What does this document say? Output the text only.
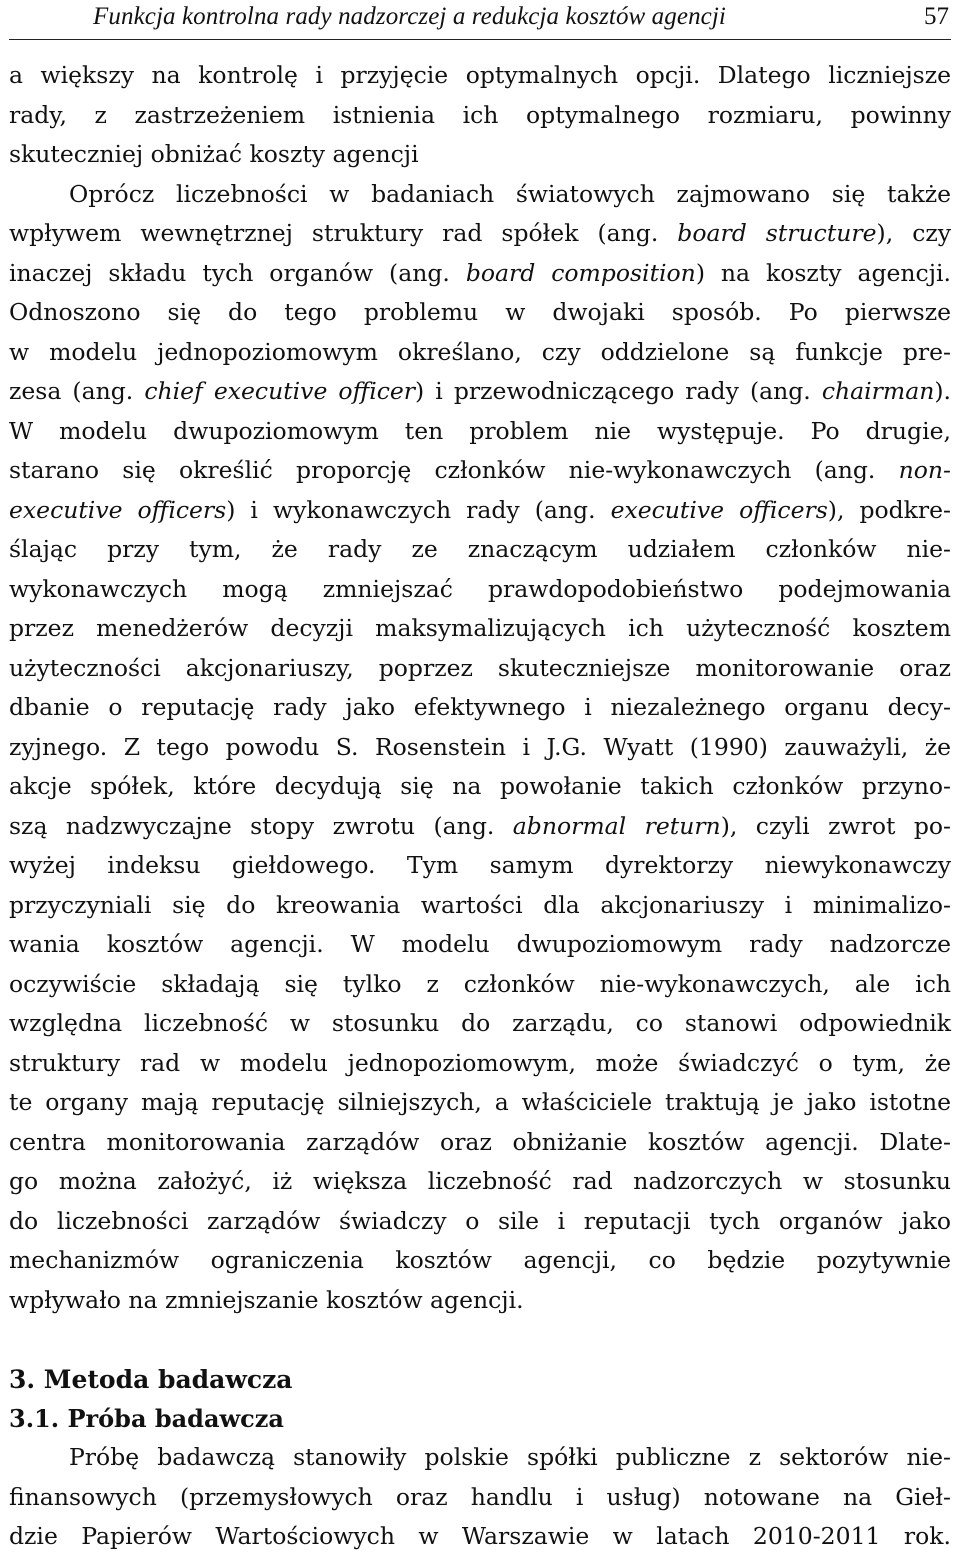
Funkcja kontrolna rady nadzorczej a redukcja kosztów agencji	57
a większy na kontrolę i przyjęcie optymalnych opcji. Dlatego liczniejsze
rady, z zastrzeżeniem istnienia ich optymalnego rozmiaru, powinny
skuteczniej obniżać koszty agencji
Oprócz liczebności w badaniach światowych zajmowano się także
wpływem wewnętrznej struktury rad spółek (ang. board structure), czy
inaczej składu tych organów (ang. board composition) na koszty agencji.
Odnoszono się do tego problemu w dwojaki sposób. Po pierwsze
w modelu jednopoziomowym określano, czy oddzielone są funkcje pre-
zesa (ang. chief executive officer) i przewodniczącego rady (ang. chairman).
W modelu dwupoziomowym ten problem nie występuje. Po drugie,
starano się określić proporcję członków nie-wykonawczych (ang. non-
executive officers) i wykonawczych rady (ang. executive officers), podkre-
ślając przy tym, że rady ze znaczącym udziałem członków nie-
wykonawczych mogą zmniejszać prawdopodobieństwo podejmowania
przez menedżerów decyzji maksymalizujących ich użyteczność kosztem
użyteczności akcjonariuszy, poprzez skuteczniejsze monitorowanie oraz
dbanie o reputację rady jako efektywnego i niezależnego organu decy-
zyjnego. Z tego powodu S. Rosenstein i J.G. Wyatt (1990) zauważyli, że
akcje spółek, które decydują się na powołanie takich członków przyno-
szą nadzwyczajne stopy zwrotu (ang. abnormal return), czyli zwrot po-
wyżej indeksu giełdowego. Tym samym dyrektorzy niewykonawczy
przyczyniali się do kreowania wartości dla akcjonariuszy i minimalizo-
wania kosztów agencji. W modelu dwupoziomowym rady nadzorcze
oczywiście składają się tylko z członków nie-wykonawczych, ale ich
względna liczebność w stosunku do zarządu, co stanowi odpowiednik
struktury rad w modelu jednopoziomowym, może świadczyć o tym, że
te organy mają reputację silniejszych, a właściciele traktują je jako istotne
centra monitorowania zarządów oraz obniżanie kosztów agencji. Dlate-
go można założyć, iż większa liczebność rad nadzorczych w stosunku
do liczebności zarządów świadczy o sile i reputacji tych organów jako
mechanizmów ograniczenia kosztów agencji, co będzie pozytywnie
wpływało na zmniejszanie kosztów agencji.
3. Metoda badawcza
3.1. Próba badawcza
Próbę badawczą stanowiły polskie spółki publiczne z sektorów nie-
finansowych (przemysłowych oraz handlu i usług) notowane na Gieł-
dzie Papierów Wartościowych w Warszawie w latach 2010-2011 rok.
